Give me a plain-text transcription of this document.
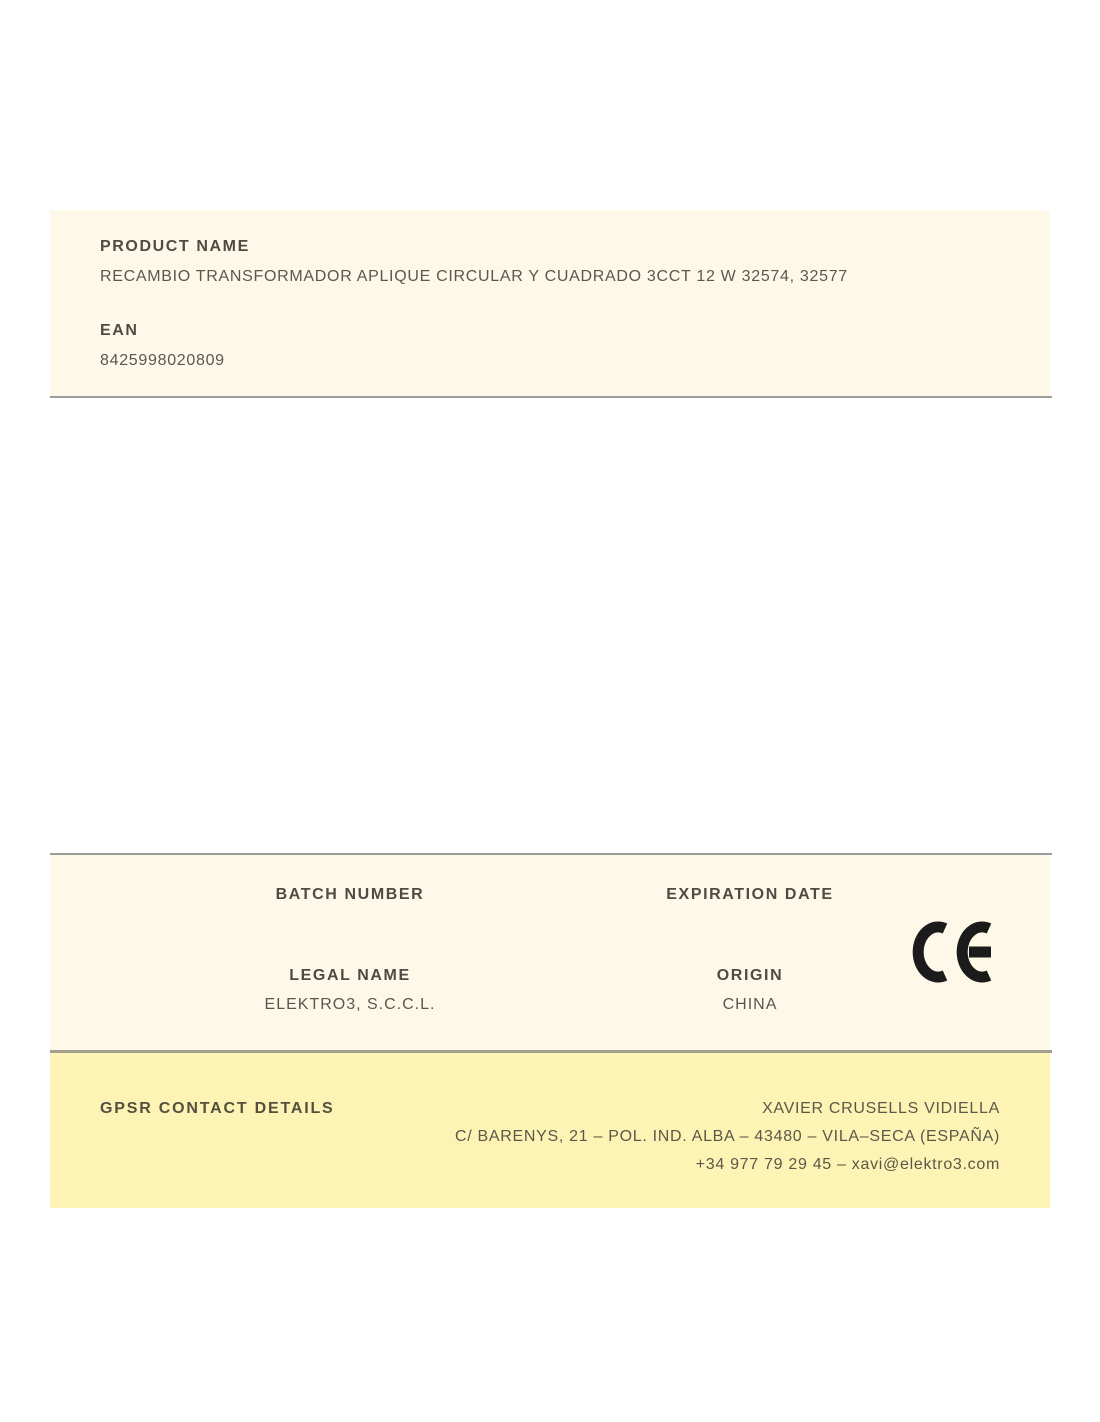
PRODUCT NAME
RECAMBIO TRANSFORMADOR APLIQUE CIRCULAR Y CUADRADO 3CCT 12 W 32574, 32577
EAN
8425998020809
BATCH NUMBER	EXPIRATION DATE
LEGAL NAME
ELEKTRO3, S.C.C.L.
ORIGIN
CHINA
GPSR CONTACT DETAILS	XAVIER CRUSELLS VIDIELLA
C/ BARENYS, 21 – POL. IND. ALBA – 43480 – VILA–SECA (ESPAÑA)
+34 977 79 29 45 – xavi@elektro3.com
